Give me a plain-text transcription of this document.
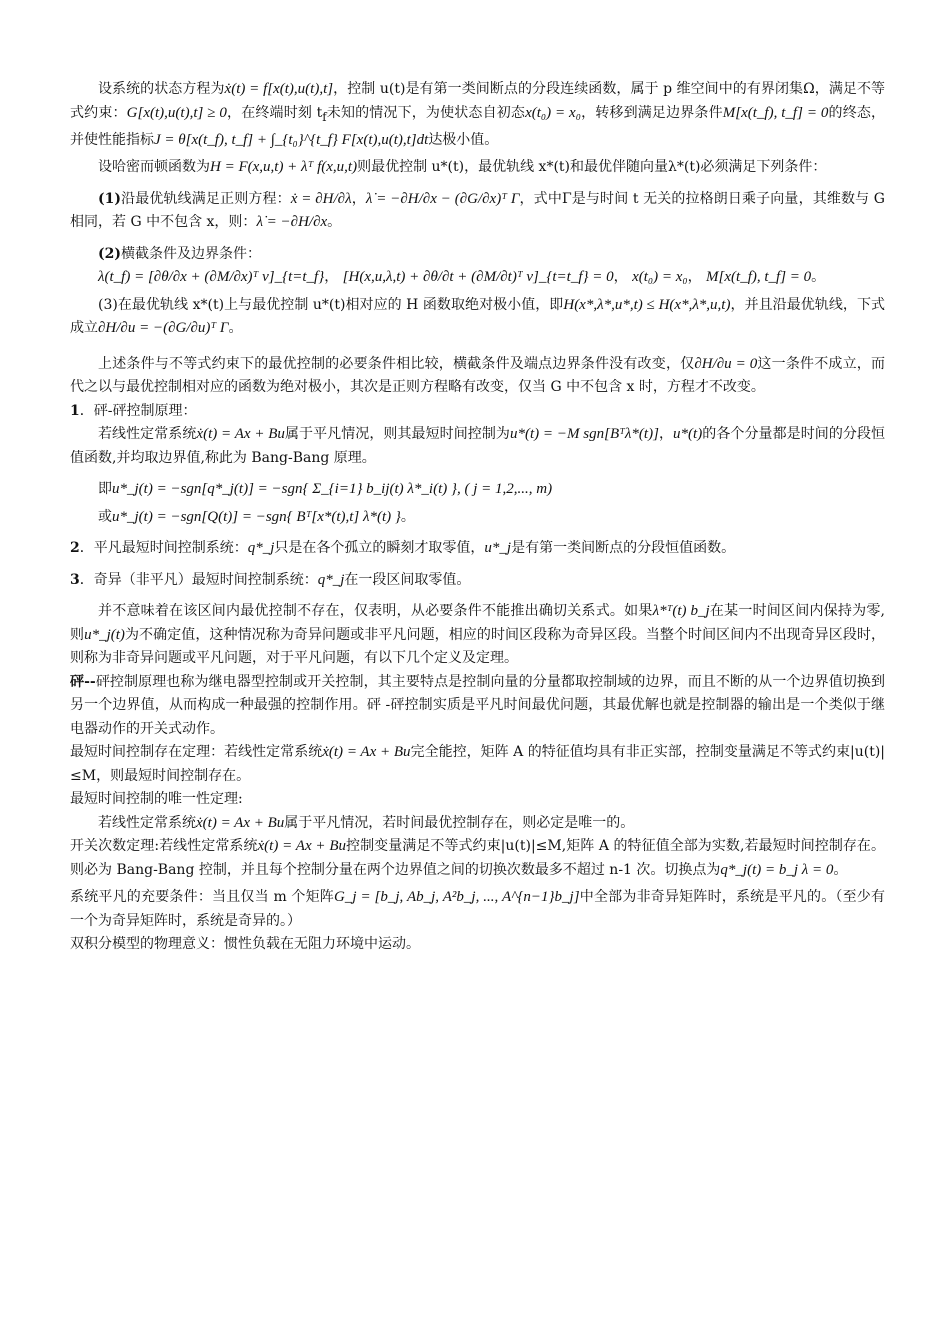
设系统的状态方程为ẋ(t) = f[x(t),u(t),t]，控制 u(t)是有第一类间断点的分段连续函数，属于 p 维空间中的有界闭集Ω，满足不等式约束：G[x(t),u(t),t] ≥ 0，在终端时刻 $t_f$未知的情况下，为使状态自初态x(t₀) = x₀，转移到满足边界条件M[x(t_f), t_f] = 0的终态，并使性能指标J = θ[x(t_f), t_f] + ∫_{t₀}^{t_f} F[x(t),u(t),t]dt达极小值。

设哈密而顿函数为H = F(x,u,t) + λᵀ f(x,u,t)则最优控制 u*(t)，最优轨线 x*(t)和最优伴随向量λ*(t)必须满足下列条件：

(1)沿最优轨线满足正则方程：ẋ = ∂H/∂λ，λ̇ = −∂H/∂x − (∂G/∂x)ᵀ Γ，式中Γ是与时间 t 无关的拉格朗日乘子向量，其维数与 G 相同，若 G 中不包含 x，则：λ̇ = −∂H/∂x。

(2)横截条件及边界条件：

λ(t_f) = [∂θ/∂x + (∂M/∂x)ᵀ v]_{t=t_f}， [H(x,u,λ,t) + ∂θ/∂t + (∂M/∂t)ᵀ v]_{t=t_f} = 0， x(t₀) = x₀， M[x(t_f), t_f] = 0。

(3)在最优轨线 x*(t)上与最优控制 u*(t)相对应的 H 函数取绝对极小值，即H(x*,λ*,u*,t) ≤ H(x*,λ*,u,t)，并且沿最优轨线，下式成立∂H/∂u = −(∂G/∂u)ᵀ Γ。

上述条件与不等式约束下的最优控制的必要条件相比较，横截条件及端点边界条件没有改变，仅∂H/∂u = 0这一条件不成立，而代之以与最优控制相对应的函数为绝对极小，其次是正则方程略有改变，仅当 G 中不包含 x 时，方程才不改变。

1．砰-砰控制原理：

若线性定常系统ẋ(t) = Ax + Bu属于平凡情况，则其最短时间控制为u*(t) = −M sgn[Bᵀλ*(t)]，u*(t)的各个分量都是时间的分段恒值函数,并均取边界值,称此为 Bang-Bang 原理。

即u*_j(t) = −sgn[q*_j(t)] = −sgn{ Σ_{i=1} b_ij(t) λ*_i(t) }, ( j = 1,2,..., m)

或u*_j(t) = −sgn[Q(t)] = −sgn{ Bᵀ[x*(t),t] λ*(t) }。

2．平凡最短时间控制系统：q*_j只是在各个孤立的瞬刻才取零值，u*_j是有第一类间断点的分段恒值函数。

3．奇异（非平凡）最短时间控制系统：q*_j在一段区间取零值。

并不意味着在该区间内最优控制不存在，仅表明，从必要条件不能推出确切关系式。如果λ*ᵀ(t) b_j在某一时间区间内保持为零,则u*_j(t)为不确定值，这种情况称为奇异问题或非平凡问题，相应的时间区段称为奇异区段。当整个时间区间内不出现奇异区段时，则称为非奇异问题或平凡问题，对于平凡问题，有以下几个定义及定理。

砰--砰控制原理也称为继电器型控制或开关控制，其主要特点是控制向量的分量都取控制域的边界，而且不断的从一个边界值切换到另一个边界值，从而构成一种最强的控制作用。砰 -砰控制实质是平凡时间最优问题，其最优解也就是控制器的输出是一个类似于继电器动作的开关式动作。

最短时间控制存在定理：若线性定常系统ẋ(t) = Ax + Bu完全能控，矩阵 A 的特征值均具有非正实部，控制变量满足不等式约束|u(t)|≤M，则最短时间控制存在。

最短时间控制的唯一性定理:

若线性定常系统ẋ(t) = Ax + Bu属于平凡情况，若时间最优控制存在，则必定是唯一的。

开关次数定理:若线性定常系统ẋ(t) = Ax + Bu控制变量满足不等式约束|u(t)|≤M,矩阵 A 的特征值全部为实数,若最短时间控制存在。则必为 Bang-Bang 控制，并且每个控制分量在两个边界值之间的切换次数最多不超过 n-1 次。切换点为q*_j(t) = b_j λ = 0。

系统平凡的充要条件：当且仅当 m 个矩阵G_j = [b_j, Ab_j, A²b_j, ..., A^{n−1}b_j]中全部为非奇异矩阵时，系统是平凡的。（至少有一个为奇异矩阵时，系统是奇异的。）

双积分模型的物理意义：惯性负载在无阻力环境中运动。
